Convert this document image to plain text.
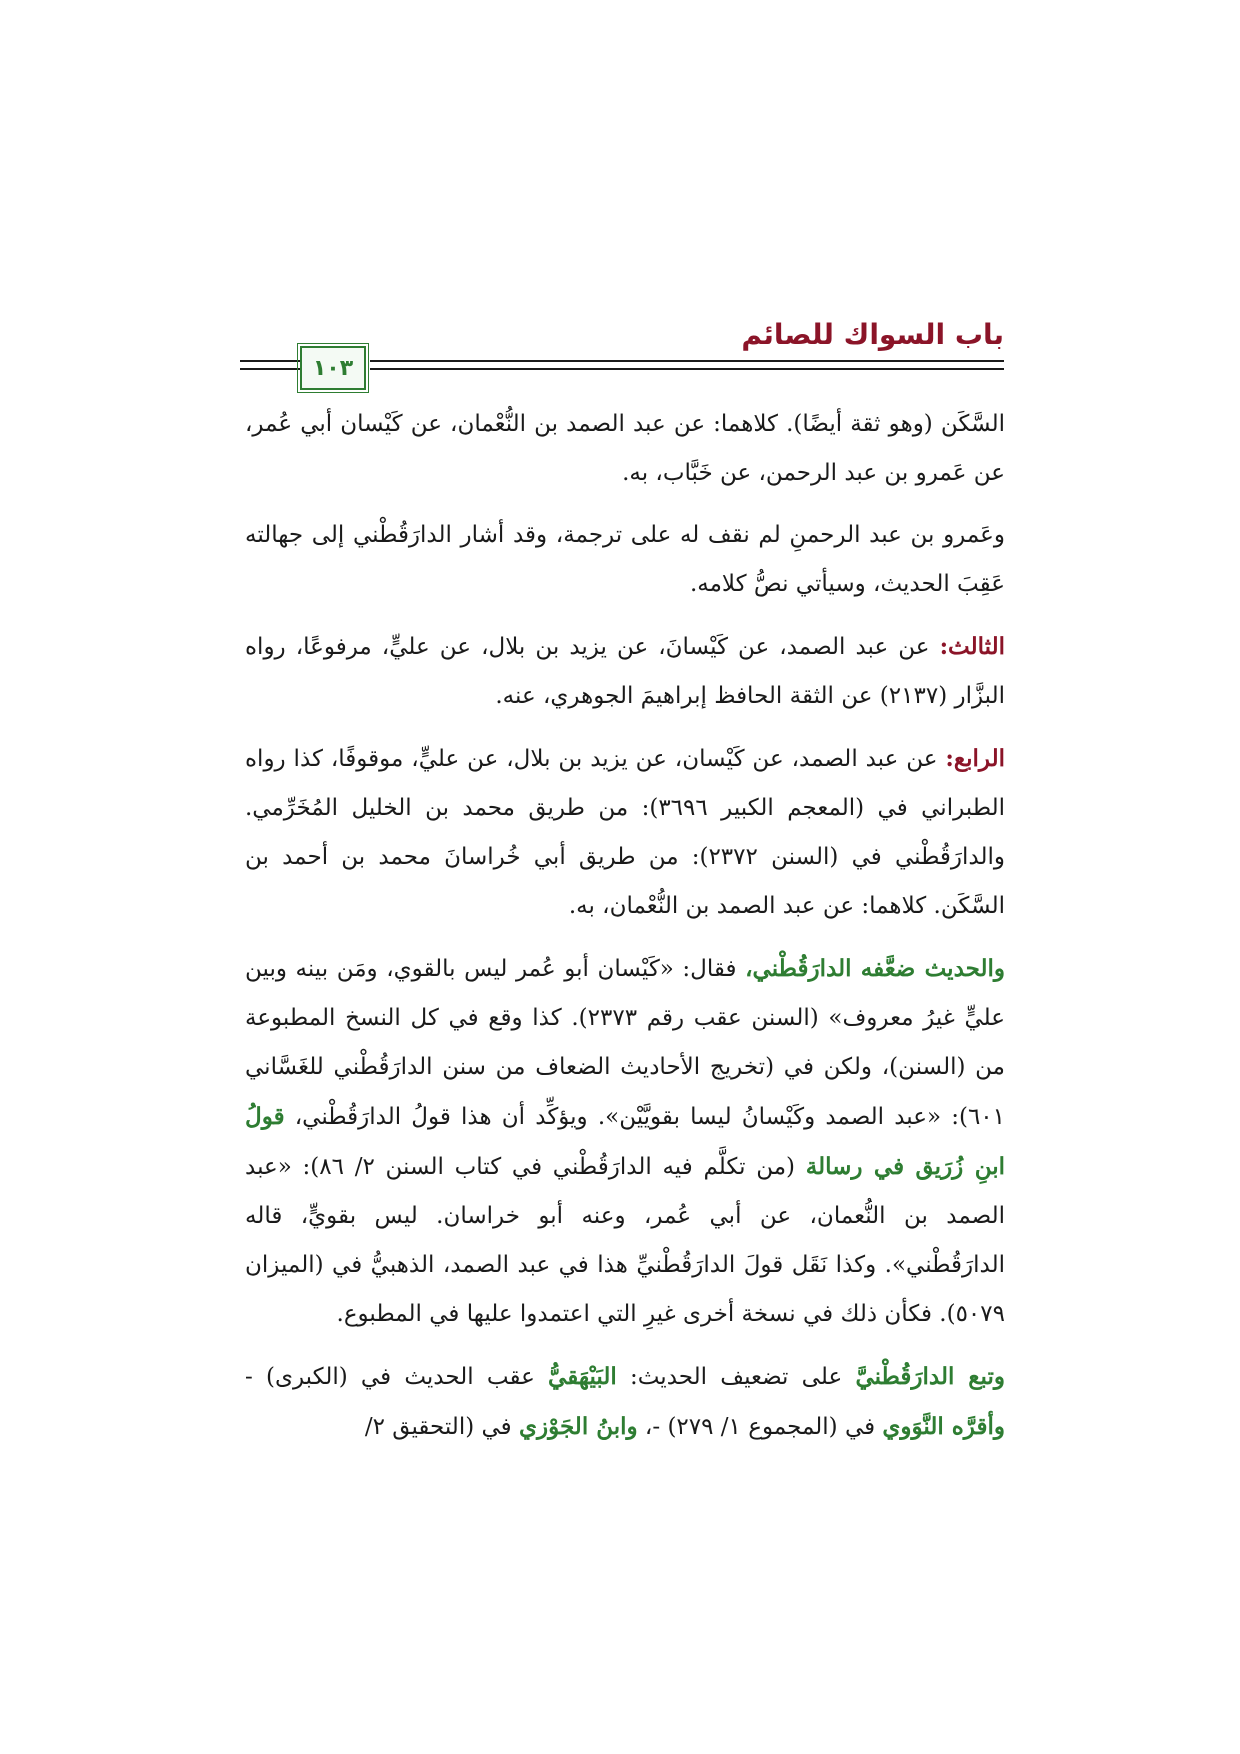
باب السواك للصائم
١٠٣

السَّكَن (وهو ثقة أيضًا). كلاهما: عن عبد الصمد بن النُّعْمان، عن كَيْسان أبي عُمر، عن عَمرو بن عبد الرحمن، عن خَبَّاب، به.

وعَمرو بن عبد الرحمنِ لم نقف له على ترجمة، وقد أشار الدارَقُطْني إلى جهالته عَقِبَ الحديث، وسيأتي نصُّ كلامه.

الثالث: عن عبد الصمد، عن كَيْسانَ، عن يزيد بن بلال، عن عليٍّ، مرفوعًا، رواه البزَّار (٢١٣٧) عن الثقة الحافظ إبراهيمَ الجوهري، عنه.

الرابع: عن عبد الصمد، عن كَيْسان، عن يزيد بن بلال، عن عليٍّ، موقوفًا، كذا رواه الطبراني في (المعجم الكبير ٣٦٩٦): من طريق محمد بن الخليل المُخَرِّمي. والدارَقُطْني في (السنن ٢٣٧٢): من طريق أبي خُراسانَ محمد بن أحمد بن السَّكَن. كلاهما: عن عبد الصمد بن النُّعْمان، به.

والحديث ضعَّفه الدارَقُطْني، فقال: «كَيْسان أبو عُمر ليس بالقوي، ومَن بينه وبين عليٍّ غيرُ معروف» (السنن عقب رقم ٢٣٧٣). كذا وقع في كل النسخ المطبوعة من (السنن)، ولكن في (تخريج الأحاديث الضعاف من سنن الدارَقُطْني للغَسَّاني ٦٠١): «عبد الصمد وكَيْسانُ ليسا بقويَّيْن». ويؤكِّد أن هذا قولُ الدارَقُطْني، قولُ ابنِ زُرَيق في رسالة (من تكلَّم فيه الدارَقُطْني في كتاب السنن ٢/ ٨٦): «عبد الصمد بن النُّعمان، عن أبي عُمر، وعنه أبو خراسان. ليس بقويٍّ، قاله الدارَقُطْني». وكذا نَقَل قولَ الدارَقُطْنيِّ هذا في عبد الصمد، الذهبيُّ في (الميزان ٥٠٧٩). فكأن ذلك في نسخة أخرى غيرِ التي اعتمدوا عليها في المطبوع.

وتبع الدارَقُطْنيَّ على تضعيف الحديث: البَيْهَقيُّ عقب الحديث في (الكبرى) - وأقرَّه النَّوَوي في (المجموع ١/ ٢٧٩) -، وابنُ الجَوْزي في (التحقيق ٢/
